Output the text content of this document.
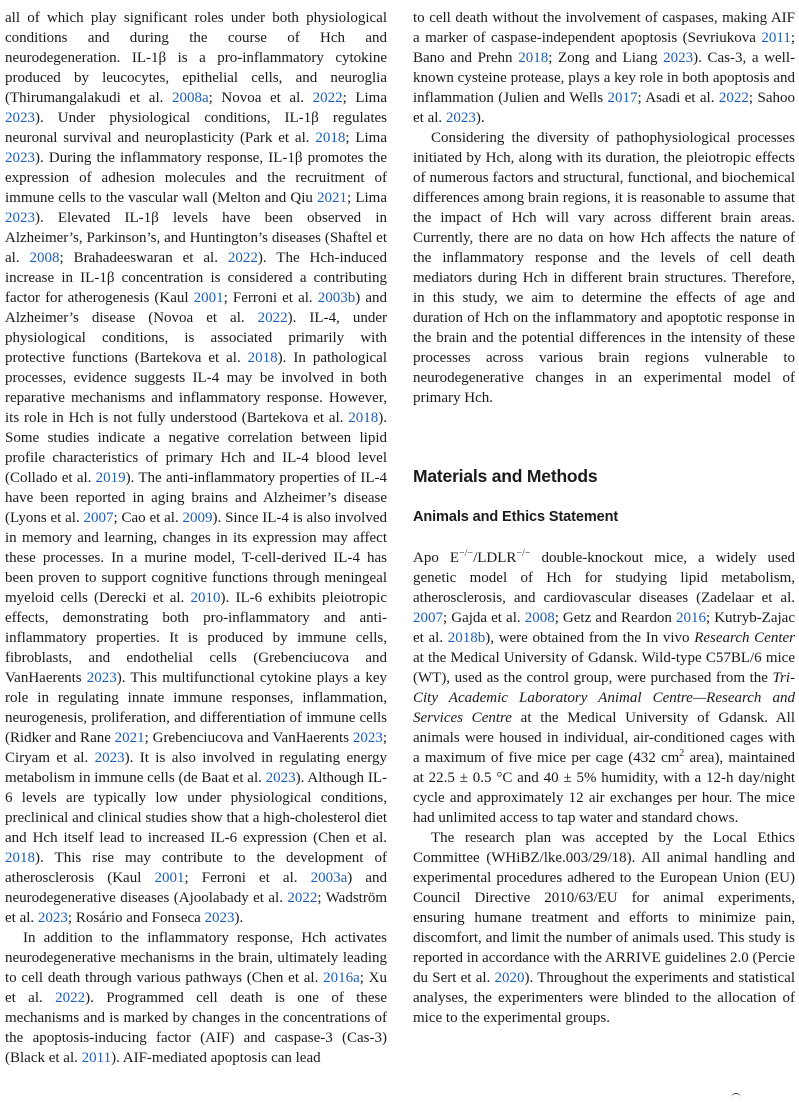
all of which play significant roles under both physiological conditions and during the course of Hch and neurodegeneration. IL-1β is a pro-inflammatory cytokine produced by leucocytes, epithelial cells, and neuroglia (Thirumangalakudi et al. 2008a; Novoa et al. 2022; Lima 2023). Under physiological conditions, IL-1β regulates neuronal survival and neuroplasticity (Park et al. 2018; Lima 2023). During the inflammatory response, IL-1β promotes the expression of adhesion molecules and the recruitment of immune cells to the vascular wall (Melton and Qiu 2021; Lima 2023). Elevated IL-1β levels have been observed in Alzheimer’s, Parkinson’s, and Huntington’s diseases (Shaftel et al. 2008; Brahadeeswaran et al. 2022). The Hch-induced increase in IL-1β concentration is considered a contributing factor for atherogenesis (Kaul 2001; Ferroni et al. 2003b) and Alzheimer’s disease (Novoa et al. 2022). IL-4, under physiological conditions, is associated primarily with protective functions (Bartekova et al. 2018). In pathological processes, evidence suggests IL-4 may be involved in both reparative mechanisms and inflammatory response. However, its role in Hch is not fully understood (Bartekova et al. 2018). Some studies indicate a negative correlation between lipid profile characteristics of primary Hch and IL-4 blood level (Collado et al. 2019). The anti-inflammatory properties of IL-4 have been reported in aging brains and Alzheimer’s disease (Lyons et al. 2007; Cao et al. 2009). Since IL-4 is also involved in memory and learning, changes in its expression may affect these processes. In a murine model, T-cell-derived IL-4 has been proven to support cognitive functions through meningeal myeloid cells (Derecki et al. 2010). IL-6 exhibits pleiotropic effects, demonstrating both pro-inflammatory and anti-inflammatory properties. It is produced by immune cells, fibroblasts, and endothelial cells (Grebenciucova and VanHaerents 2023). This multifunctional cytokine plays a key role in regulating innate immune responses, inflammation, neurogenesis, proliferation, and differentiation of immune cells (Ridker and Rane 2021; Grebenciucova and VanHaerents 2023; Ciryam et al. 2023). It is also involved in regulating energy metabolism in immune cells (de Baat et al. 2023). Although IL-6 levels are typically low under physiological conditions, preclinical and clinical studies show that a high-cholesterol diet and Hch itself lead to increased IL-6 expression (Chen et al. 2018). This rise may contribute to the development of atherosclerosis (Kaul 2001; Ferroni et al. 2003a) and neurodegenerative diseases (Ajoolabady et al. 2022; Wadström et al. 2023; Rosário and Fonseca 2023).

In addition to the inflammatory response, Hch activates neurodegenerative mechanisms in the brain, ultimately leading to cell death through various pathways (Chen et al. 2016a; Xu et al. 2022). Programmed cell death is one of these mechanisms and is marked by changes in the concentrations of the apoptosis-inducing factor (AIF) and caspase-3 (Cas-3) (Black et al. 2011). AIF-mediated apoptosis can lead

to cell death without the involvement of caspases, making AIF a marker of caspase-independent apoptosis (Sevriukova 2011; Bano and Prehn 2018; Zong and Liang 2023). Cas-3, a well-known cysteine protease, plays a key role in both apoptosis and inflammation (Julien and Wells 2017; Asadi et al. 2022; Sahoo et al. 2023).

Considering the diversity of pathophysiological processes initiated by Hch, along with its duration, the pleiotropic effects of numerous factors and structural, functional, and biochemical differences among brain regions, it is reasonable to assume that the impact of Hch will vary across different brain areas. Currently, there are no data on how Hch affects the nature of the inflammatory response and the levels of cell death mediators during Hch in different brain structures. Therefore, in this study, we aim to determine the effects of age and duration of Hch on the inflammatory and apoptotic response in the brain and the potential differences in the intensity of these processes across various brain regions vulnerable to neurodegenerative changes in an experimental model of primary Hch.

Materials and Methods
Animals and Ethics Statement

Apo E−/−/LDLR−/− double-knockout mice, a widely used genetic model of Hch for studying lipid metabolism, atherosclerosis, and cardiovascular diseases (Zadelaar et al. 2007; Gajda et al. 2008; Getz and Reardon 2016; Kutryb-Zajac et al. 2018b), were obtained from the In vivo Research Center at the Medical University of Gdansk. Wild-type C57BL/6 mice (WT), used as the control group, were purchased from the Tri-City Academic Laboratory Animal Centre—Research and Services Centre at the Medical University of Gdansk. All animals were housed in individual, air-conditioned cages with a maximum of five mice per cage (432 $cm^2$ area), maintained at 22.5 ± 0.5 °C and 40 ± 5% humidity, with a 12-h day/night cycle and approximately 12 air exchanges per hour. The mice had unlimited access to tap water and standard chows.

The research plan was accepted by the Local Ethics Committee (WHiBZ/lke.003/29/18). All animal handling and experimental procedures adhered to the European Union (EU) Council Directive 2010/63/EU for animal experiments, ensuring humane treatment and efforts to minimize pain, discomfort, and limit the number of animals used. This study is reported in accordance with the ARRIVE guidelines 2.0 (Percie du Sert et al. 2020). Throughout the experiments and statistical analyses, the experimenters were blinded to the allocation of mice to the experimental groups.
